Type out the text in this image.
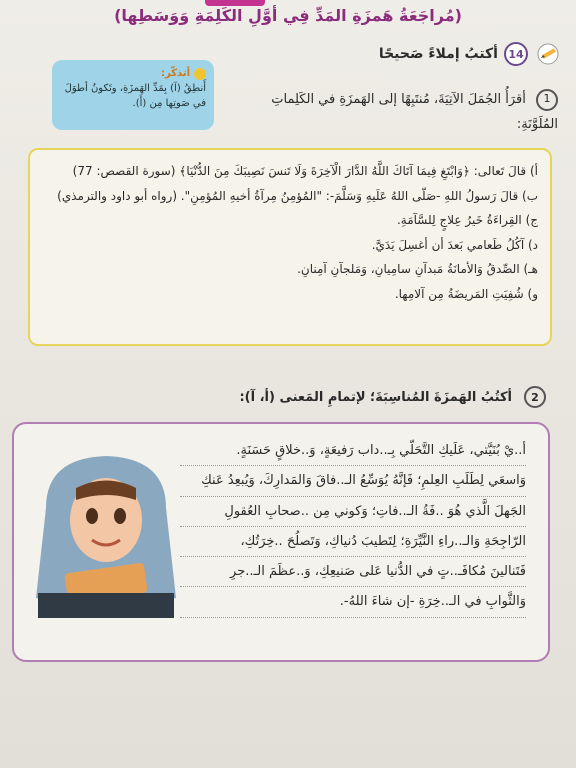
(مُراجَعَةُ هَمزَةِ المَدِّ فِي أوَّلِ الكَلِمَةِ وَوَسَطِها)
14
أكتبُ إملاءً صَحيحًا
أتذكّر:
أَنطِقُ (آ) بِمَدِّ الهَمزَةِ، وتَكونُ أطوَلَ في صَوتِها مِن (أَ).	1 أقرَأُ الجُمَلَ الآتِيَةَ، مُنتَبِهًا إلى الهَمزَةِ في الكَلِماتِ المُلَوَّنَةِ:
أ) قالَ تَعالى: ﴿وَابْتَغِ فِيمَا آتَاكَ اللَّهُ الدَّارَ الْآخِرَةَ وَلَا تَنسَ نَصِيبَكَ مِنَ الدُّنْيَا﴾ (سورة القصص: 77)
ب) قالَ رَسولُ اللهِ -صَلّى اللهُ عَلَيهِ وَسَلَّمَ-: "المُؤمِنُ مِرآةُ أخيهِ المُؤمِنِ". (رواه أبو داود والترمذي)
ج) القِراءَةُ خَيرُ عِلاجٍ لِلسَّآمَةِ.
د) آكُلُ طَعامي بَعدَ أن أغسِلَ يَدَيَّ.
هـ) الصِّدقُ وَالأمانَةُ مَبدآنِ سامِيانِ، وَمَلجآنِ آمِنانِ.
و) شُفِيَتِ المَريضَةُ مِن آلامِها.
2
أكتُبُ الهَمزَةَ المُناسِبَةَ؛ لإتمامِ المَعنى (أ، آ):
أ..يْ بُنَيَّتي، عَلَيكِ التَّحَلّي بِـ..داب رَفيعَةٍ، وَ..خلاقٍ حَسَنَةٍ.
وَاسعَي لِطَلَبِ العِلمِ؛ فَإنَّهُ يُوَسِّعُ الـ..فاقَ وَالمَدارِكَ، وَيُبعِدُ عَنكِ
الجَهلَ الَّذي هُوَ ..فَةُ الـ..فاتِ؛ وَكوني مِن ..صحابِ العُقولِ
الرّاجِحَةِ وَالـ..راءِ النَّيِّرَةِ؛ لِتَطيبَ دُنياكِ، وَتَصلُحَ ..خِرَتُكِ،
فَتَنالينَ مُكافَـ..تٍ في الدُّنيا عَلى صَنيعِكِ، وَ..عظَمَ الـ..جرِ
وَالثَّوابِ في الـ..خِرَةِ -إن شاءَ اللهُ-.
